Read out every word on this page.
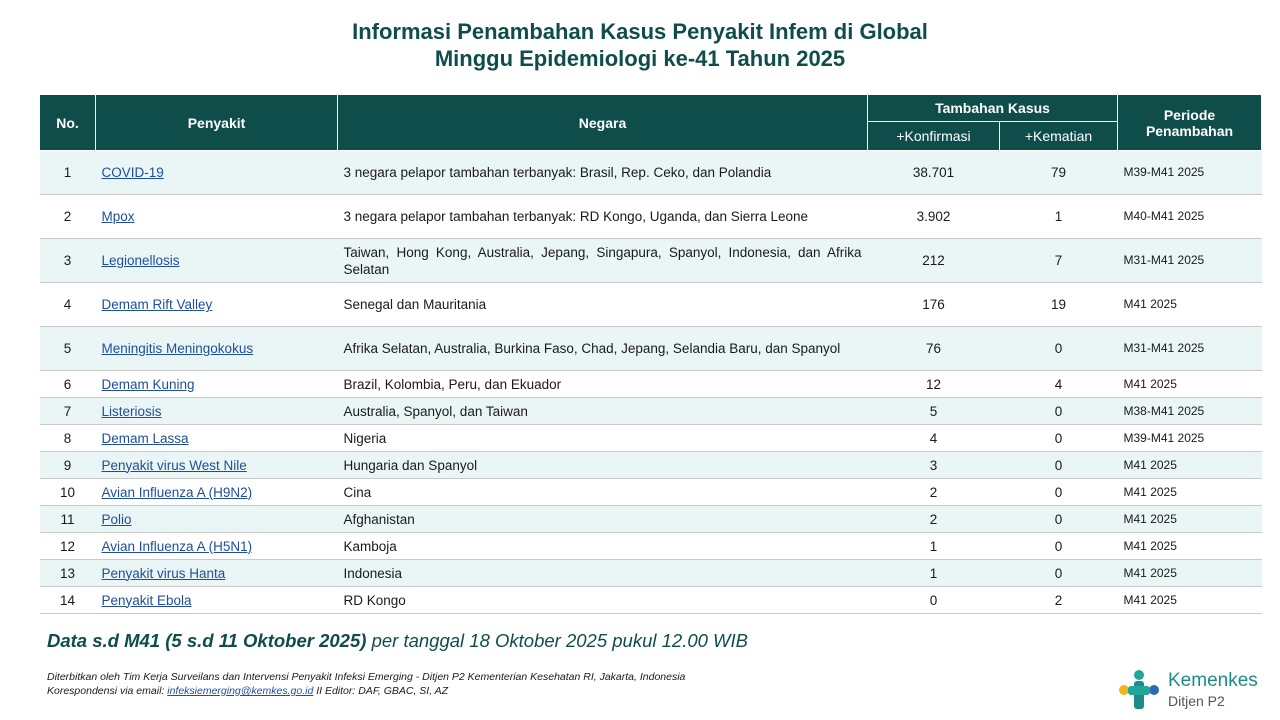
Informasi Penambahan Kasus Penyakit Infem di Global
Minggu Epidemiologi ke-41 Tahun 2025
No.	Penyakit	Negara	Tambahan Kasus		Periode Penambahan
			+Konfirmasi	+Kematian	
1	COVID-19	3 negara pelapor tambahan terbanyak: Brasil, Rep. Ceko, dan Polandia	38.701	79	M39-M41 2025
2	Mpox	3 negara pelapor tambahan terbanyak: RD Kongo, Uganda, dan Sierra Leone	3.902	1	M40-M41 2025
3	Legionellosis	Taiwan, Hong Kong, Australia, Jepang, Singapura, Spanyol, Indonesia, dan Afrika Selatan	212	7	M31-M41 2025
4	Demam Rift Valley	Senegal dan Mauritania	176	19	M41 2025
5	Meningitis Meningokokus	Afrika Selatan, Australia, Burkina Faso, Chad, Jepang, Selandia Baru, dan Spanyol	76	0	M31-M41 2025
6	Demam Kuning	Brazil, Kolombia, Peru, dan Ekuador	12	4	M41 2025
7	Listeriosis	Australia, Spanyol, dan Taiwan	5	0	M38-M41 2025
8	Demam Lassa	Nigeria	4	0	M39-M41 2025
9	Penyakit virus West Nile	Hungaria dan Spanyol	3	0	M41 2025
10	Avian Influenza A (H9N2)	Cina	2	0	M41 2025
11	Polio	Afghanistan	2	0	M41 2025
12	Avian Influenza A (H5N1)	Kamboja	1	0	M41 2025
13	Penyakit virus Hanta	Indonesia	1	0	M41 2025
14	Penyakit Ebola	RD Kongo	0	2	M41 2025
Data s.d M41 (5 s.d 11 Oktober 2025) per tanggal 18 Oktober 2025 pukul 12.00 WIB
Diterbitkan oleh Tim Kerja Surveilans dan Intervensi Penyakit Infeksi Emerging - Ditjen P2 Kementerian Kesehatan RI, Jakarta, Indonesia
Korespondensi via email: infeksiemerging@kemkes.go.id II Editor: DAF, GBAC, SI, AZ	Kemenkes
Ditjen P2
